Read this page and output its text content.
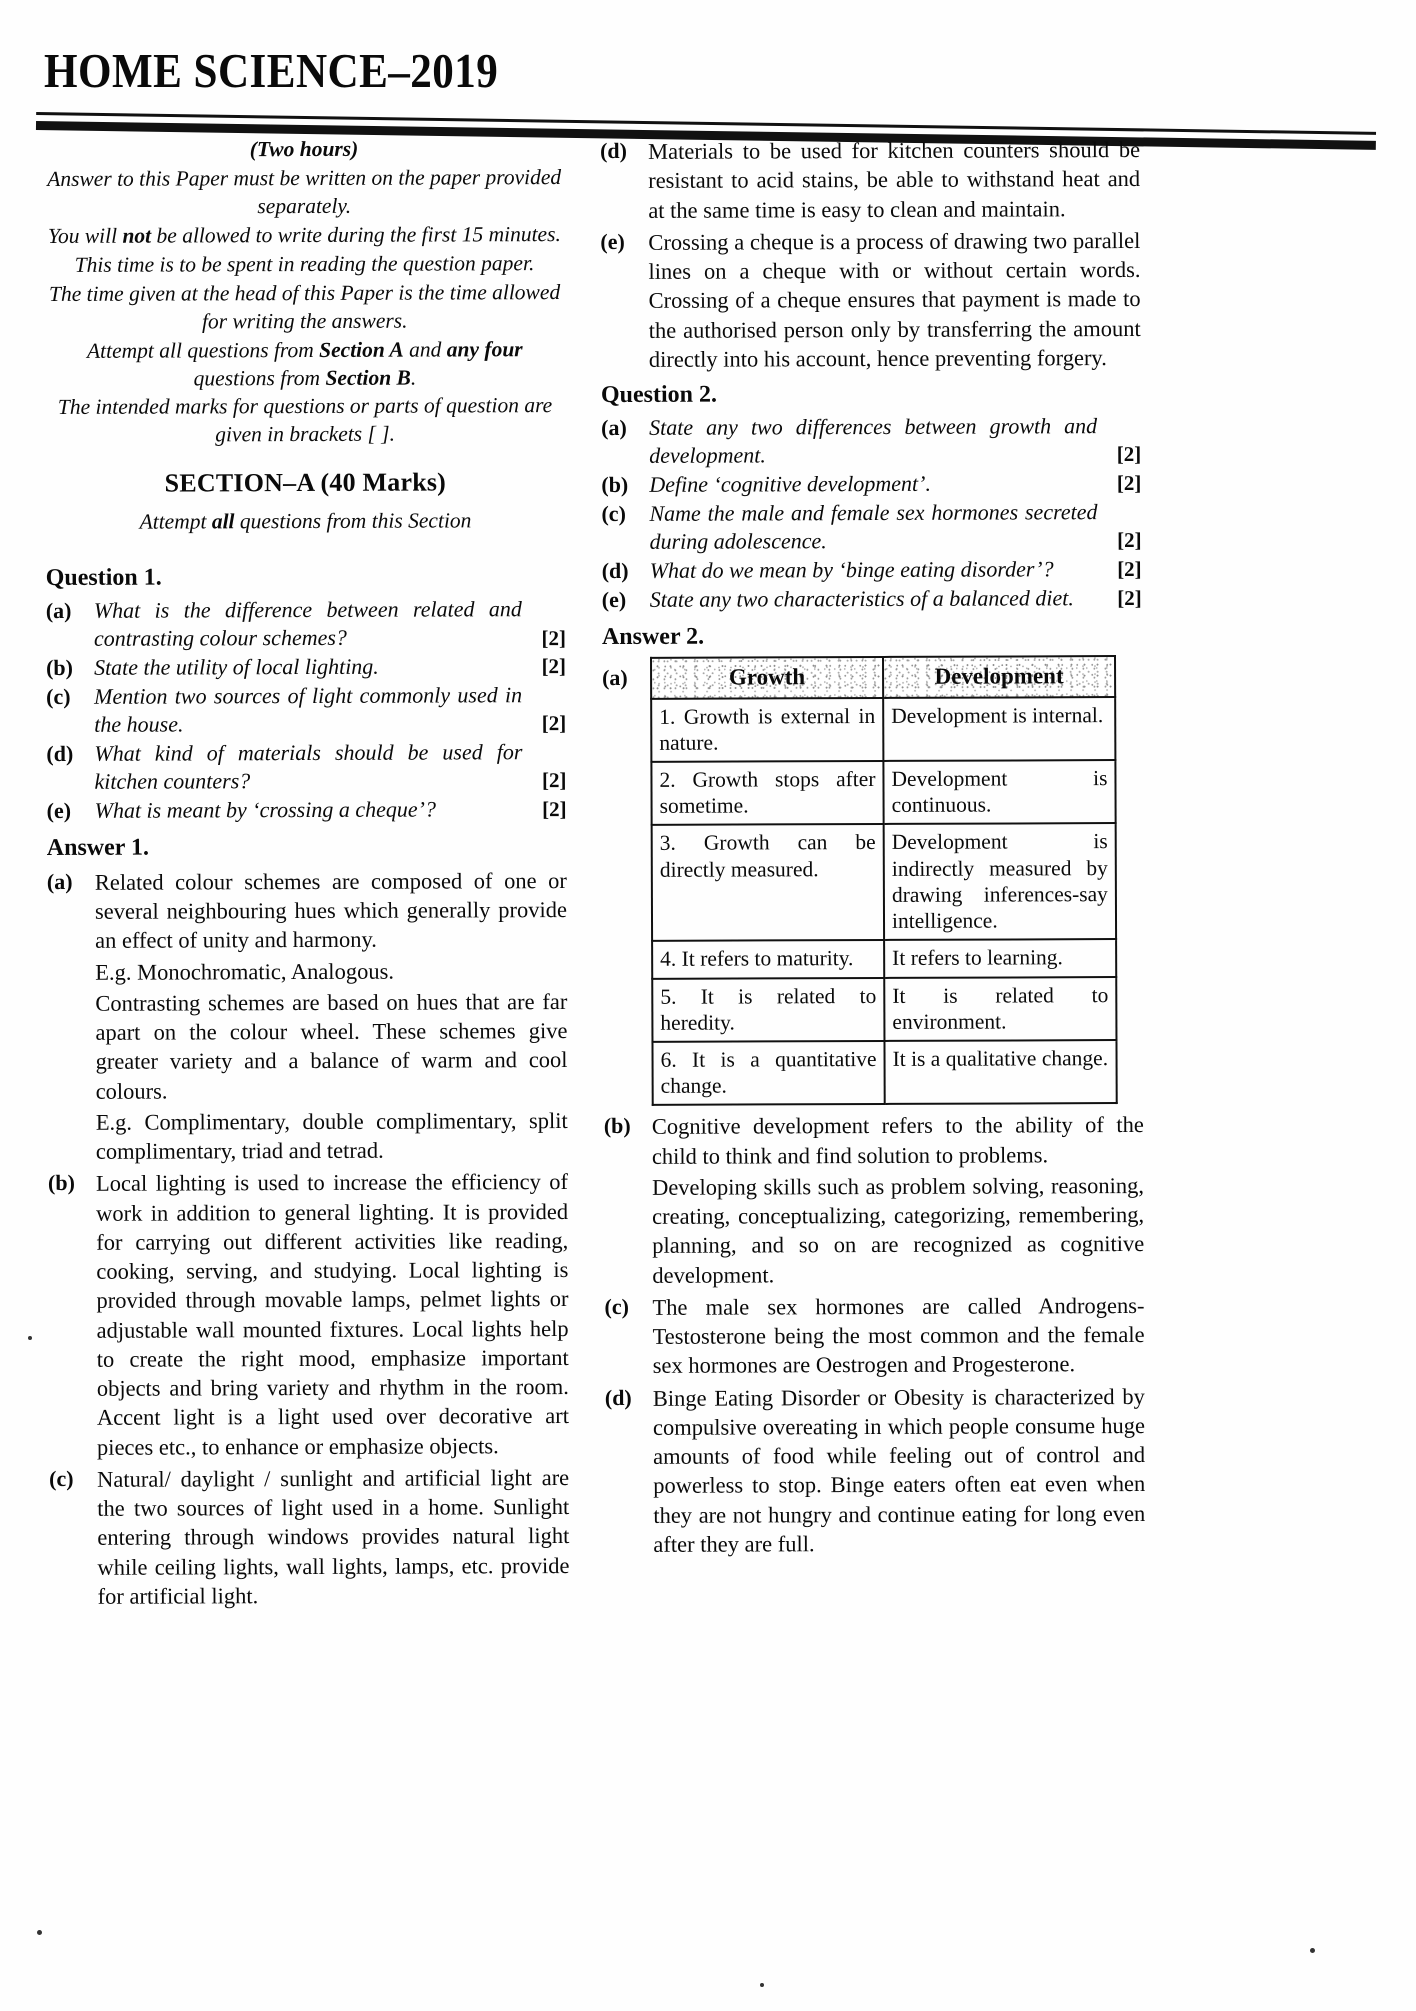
HOME SCIENCE–2019

(Two hours)

Answer to this Paper must be written on the paper provided separately.

You will not be allowed to write during the first 15 minutes.

This time is to be spent in reading the question paper.

The time given at the head of this Paper is the time allowed for writing the answers.

Attempt all questions from Section A and any four questions from Section B.

The intended marks for questions or parts of question are given in brackets [ ].

SECTION–A (40 Marks)
Attempt all questions from this Section
Question 1.
(a)	What is the difference between related and contrasting colour schemes?	[2]
(b) State the utility of local lighting.	[2]
(c)	Mention two sources of light commonly used in the house.	[2]
(d) What kind of materials should be used for kitchen counters?	[2]
(e)	What is meant by ‘crossing a cheque’?	[2]
Answer 1.
(a) Related colour schemes are composed of one or several neighbouring hues which generally provide an effect of unity and harmony.

E.g. Monochromatic, Analogous.

Contrasting schemes are based on hues that are far apart on the colour wheel. These schemes give greater variety and a balance of warm and cool colours.

E.g. Complimentary, double complimentary, split complimentary, triad and tetrad.

(b) Local lighting is used to increase the efficiency of work in addition to general lighting. It is provided for carrying out different activities like reading, cooking, serving, and studying. Local lighting is provided through movable lamps, pelmet lights or adjustable wall mounted fixtures. Local lights help to create the right mood, emphasize important objects and bring variety and rhythm in the room. Accent light is a light used over decorative art pieces etc., to enhance or emphasize objects.

(c)	Natural/ daylight / sunlight and artificial light are the two sources of light used in a home. Sunlight entering through windows provides natural light while ceiling lights, wall lights, lamps, etc. provide for artificial light.

(d) Materials to be used for kitchen counters should be resistant to acid stains, be able to withstand heat and at the same time is easy to clean and maintain.

(e)	Crossing a cheque is a process of drawing two parallel lines on a cheque with or without certain words. Crossing of a cheque ensures that payment is made to the authorised person only by transferring the amount directly into his account, hence preventing forgery.

Question 2.
(a)	State any two differences between growth and development.	[2]
(b) Define ‘cognitive development’.	[2]
(c)	Name the male and female sex hormones secreted during adolescence.	[2]
(d) What do we mean by ‘binge eating disorder’?	[2]
(e)	State any two characteristics of a balanced diet.	[2]
Answer 2.
(a)	Growth	Development
1. Growth is external in nature.	Development is internal.
2. Growth stops after sometime.	Development is continuous.
3. Growth can be directly measured.	Development is indirectly measured by drawing inferences-say intelligence.
4. It refers to maturity.	It refers to learning.
5. It is related to heredity.	It is related to environment.
6. It is a quantitative change.	It is a qualitative change.
(b) Cognitive development refers to the ability of the child to think and find solution to problems.

Developing skills such as problem solving, reasoning, creating, conceptualizing, categorizing, remembering, planning, and so on are recognized as cognitive development.

(c)	The male sex hormones are called Androgens-Testosterone being the most common and the female sex hormones are Oestrogen and Progesterone.

(d) Binge Eating Disorder or Obesity is characterized by compulsive overeating in which people consume huge amounts of food while feeling out of control and powerless to stop. Binge eaters often eat even when they are not hungry and continue eating for long even after they are full.
